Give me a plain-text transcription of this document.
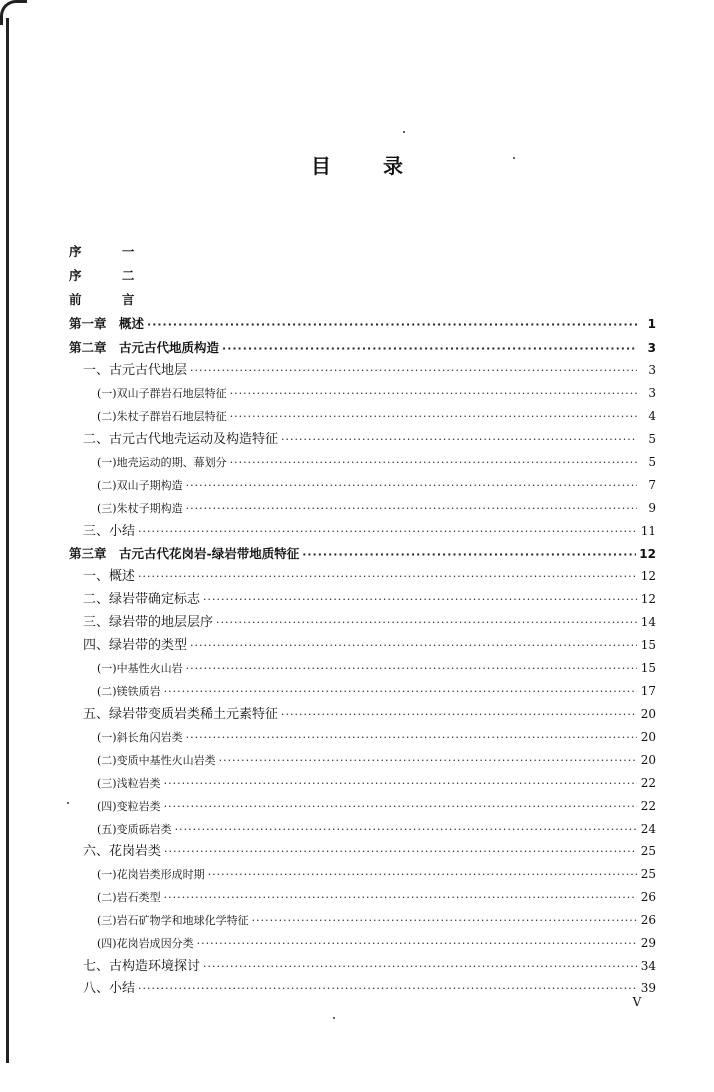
目	录
序 一
序 二
前 言
第一章　概述 ·····	1
第二章　古元古代地质构造 ·····	3
一、古元古代地层 ·····	3
(一)双山子群岩石地层特征 ·····	3
(二)朱杖子群岩石地层特征 ·····	4
二、古元古代地壳运动及构造特征 ·····	5
(一)地壳运动的期、幕划分 ·····	5
(二)双山子期构造 ·····	7
(三)朱杖子期构造 ·····	9
三、小结 ·····	11
第三章　古元古代花岗岩-绿岩带地质特征 ·····	12
一、概述 ·····	12
二、绿岩带确定标志 ·····	12
三、绿岩带的地层层序 ·····	14
四、绿岩带的类型 ·····	15
(一)中基性火山岩 ·····	15
(二)镁铁质岩 ·····	17
五、绿岩带变质岩类稀土元素特征 ·····	20
(一)斜长角闪岩类 ·····	20
(二)变质中基性火山岩类 ·····	20
(三)浅粒岩类 ·····	22
(四)变粒岩类 ·····	22
(五)变质砾岩类 ·····	24
六、花岗岩类 ·····	25
(一)花岗岩类形成时期 ·····	25
(二)岩石类型 ·····	26
(三)岩石矿物学和地球化学特征 ·····	26
(四)花岗岩成因分类 ·····	29
七、古构造环境探讨 ·····	34
八、小结 ·····	39
V
